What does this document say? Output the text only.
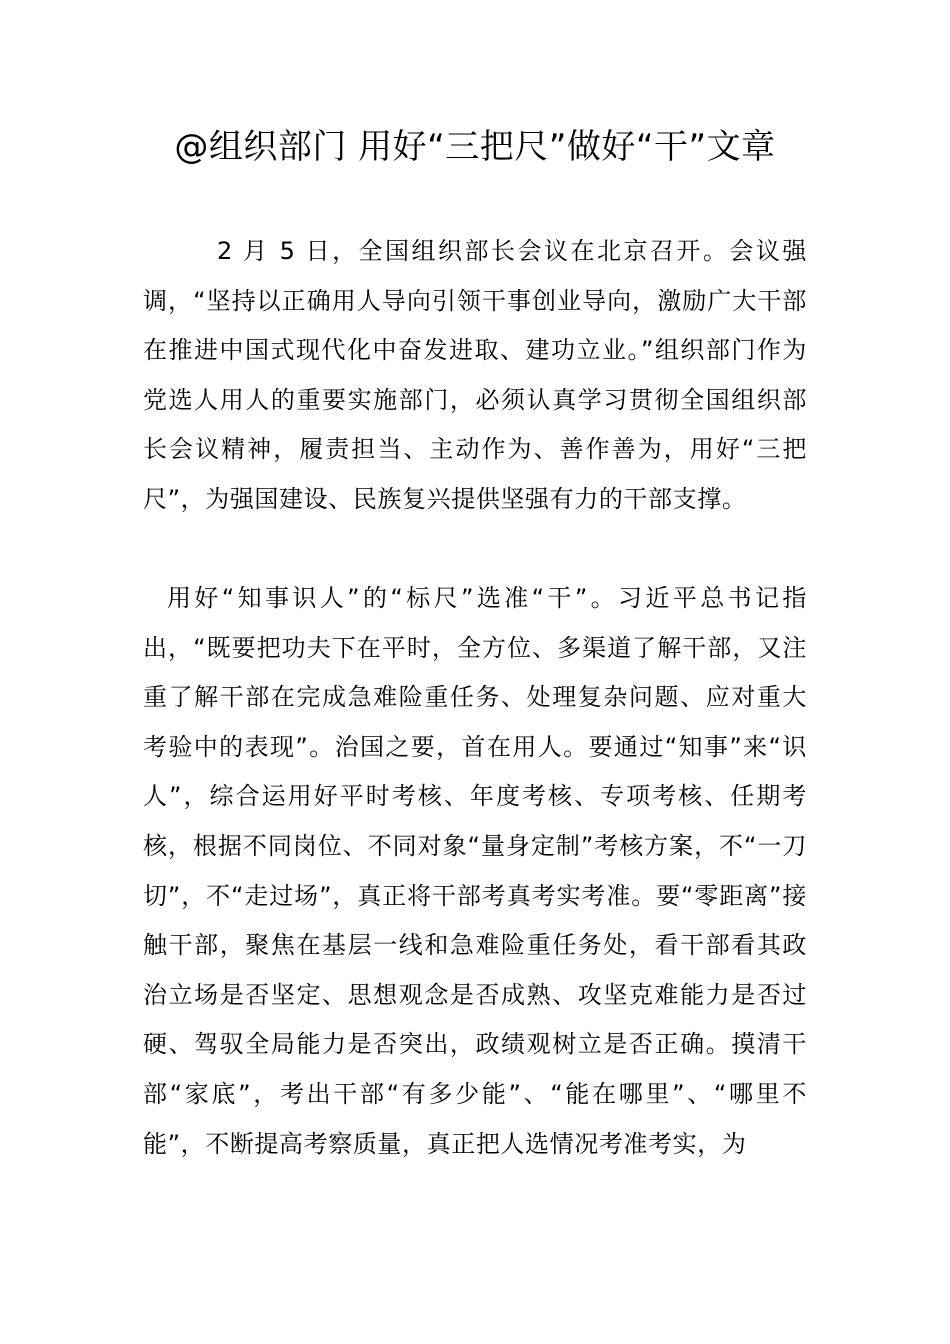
@组织部门 用好“三把尺”做好“干”文章

2 月 5 日，全国组织部长会议在北京召开。会议强调，“坚持以正确用人导向引领干事创业导向，激励广大干部在推进中国式现代化中奋发进取、建功立业。”组织部门作为党选人用人的重要实施部门，必须认真学习贯彻全国组织部长会议精神，履责担当、主动作为、善作善为，用好“三把尺”，为强国建设、民族复兴提供坚强有力的干部支撑。

用好“知事识人”的“标尺”选准“干”。习近平总书记指出，“既要把功夫下在平时，全方位、多渠道了解干部，又注重了解干部在完成急难险重任务、处理复杂问题、应对重大考验中的表现”。治国之要，首在用人。要通过“知事”来“识人”，综合运用好平时考核、年度考核、专项考核、任期考核，根据不同岗位、不同对象“量身定制”考核方案，不“一刀切”，不“走过场”，真正将干部考真考实考准。要“零距离”接触干部，聚焦在基层一线和急难险重任务处，看干部看其政治立场是否坚定、思想观念是否成熟、攻坚克难能力是否过硬、驾驭全局能力是否突出，政绩观树立是否正确。摸清干部“家底”，考出干部“有多少能”、“能在哪里”、“哪里不能”，不断提高考察质量，真正把人选情况考准考实，为
